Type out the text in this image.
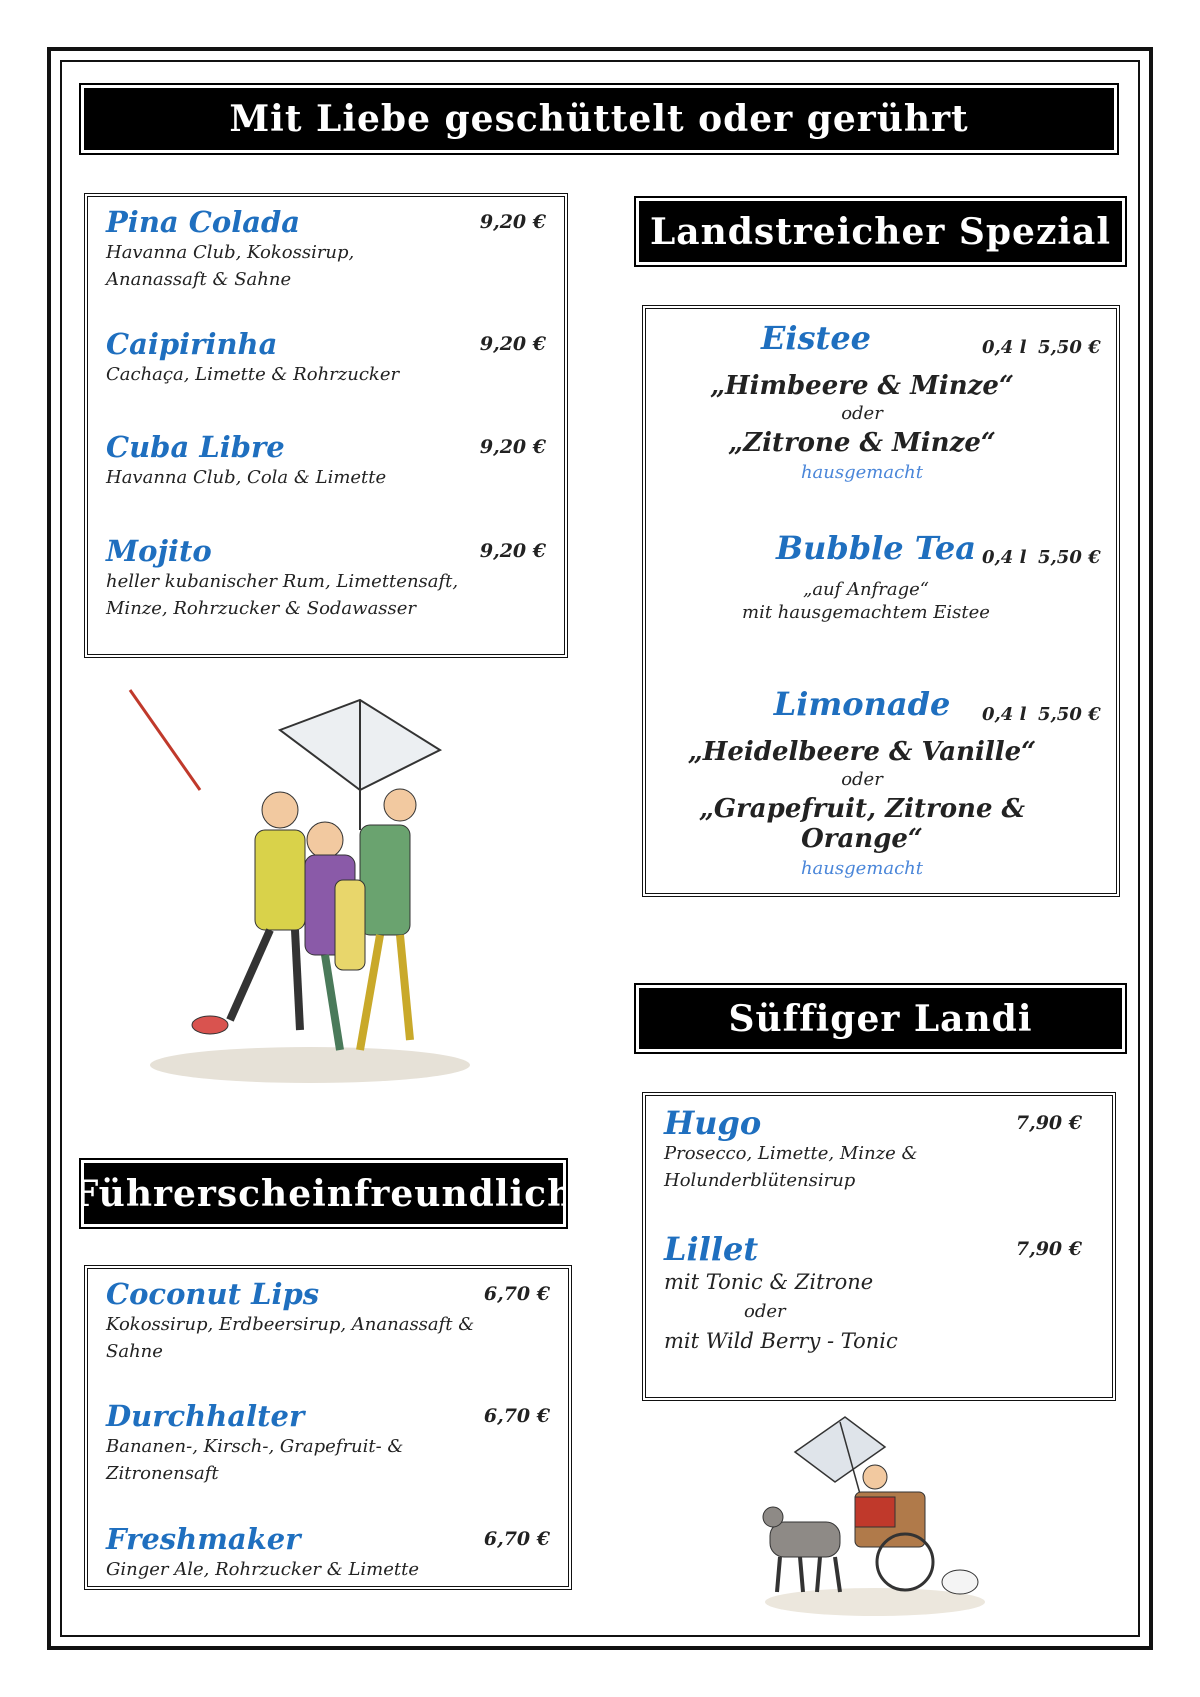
Mit Liebe geschüttelt oder gerührt
Pina Colada	9,20 €
Havanna Club, Kokossirup,
Ananassaft & Sahne
Caipirinha	9,20 €
Cachaça, Limette & Rohrzucker
Cuba Libre	9,20 €
Havanna Club, Cola & Limette
Mojito	9,20 €
heller kubanischer Rum, Limettensaft,
Minze, Rohrzucker & Sodawasser
Landstreicher Spezial
Eistee	0,4 l 5,50 €
„Himbeere & Minze“
oder
„Zitrone & Minze“
hausgemacht
Bubble Tea 0,4 l 5,50 €
„auf Anfrage“
mit hausgemachtem Eistee
Limonade	0,4 l 5,50 €
„Heidelbeere & Vanille“
oder
„Grapefruit, Zitrone & Orange“
hausgemacht
Süffiger Landi
Hugo	7,90 €
Prosecco, Limette, Minze &
Holunderblütensirup
Lillet	7,90 €
mit Tonic & Zitrone
oder
mit Wild Berry - Tonic
Führerscheinfreundlich
Coconut Lips	6,70 €
Kokossirup, Erdbeersirup, Ananassaft &
Sahne
Durchhalter	6,70 €
Bananen-, Kirsch-, Grapefruit- &
Zitronensaft
Freshmaker	6,70 €
Ginger Ale, Rohrzucker & Limette
